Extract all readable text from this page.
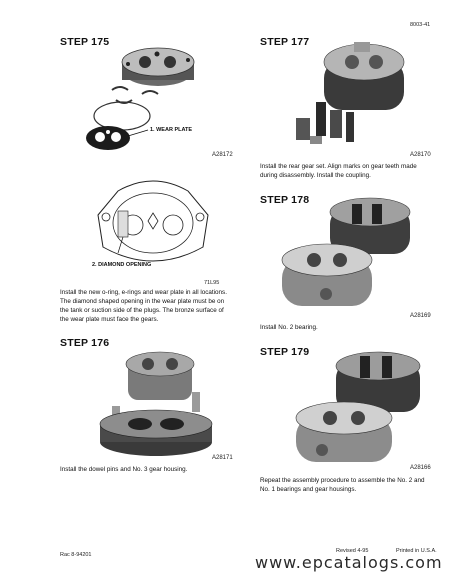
8003-41
STEP 175
1. WEAR PLATE
A28172
2. DIAMOND OPENING
71L95
Install the new o-ring, e-rings and wear plate in all locations.
The diamond shaped opening in the wear plate must be on
the tank or suction side of the plugs. The bronze surface of
the wear plate must face the gears.
STEP 176
A28171
Install the dowel pins and No. 3 gear housing.
STEP 177
A28170
Install the rear gear set. Align marks on gear teeth made
during disassembly. Install the coupling.
STEP 178
A28169
Install No. 2 bearing.
STEP 179
A28166
Repeat the assembly procedure to assemble the No. 2 and
No. 1 bearings and gear housings.
Rac 8-94201
Revised 4-95	Printed in U.S.A.
www.epcatalogs.com
